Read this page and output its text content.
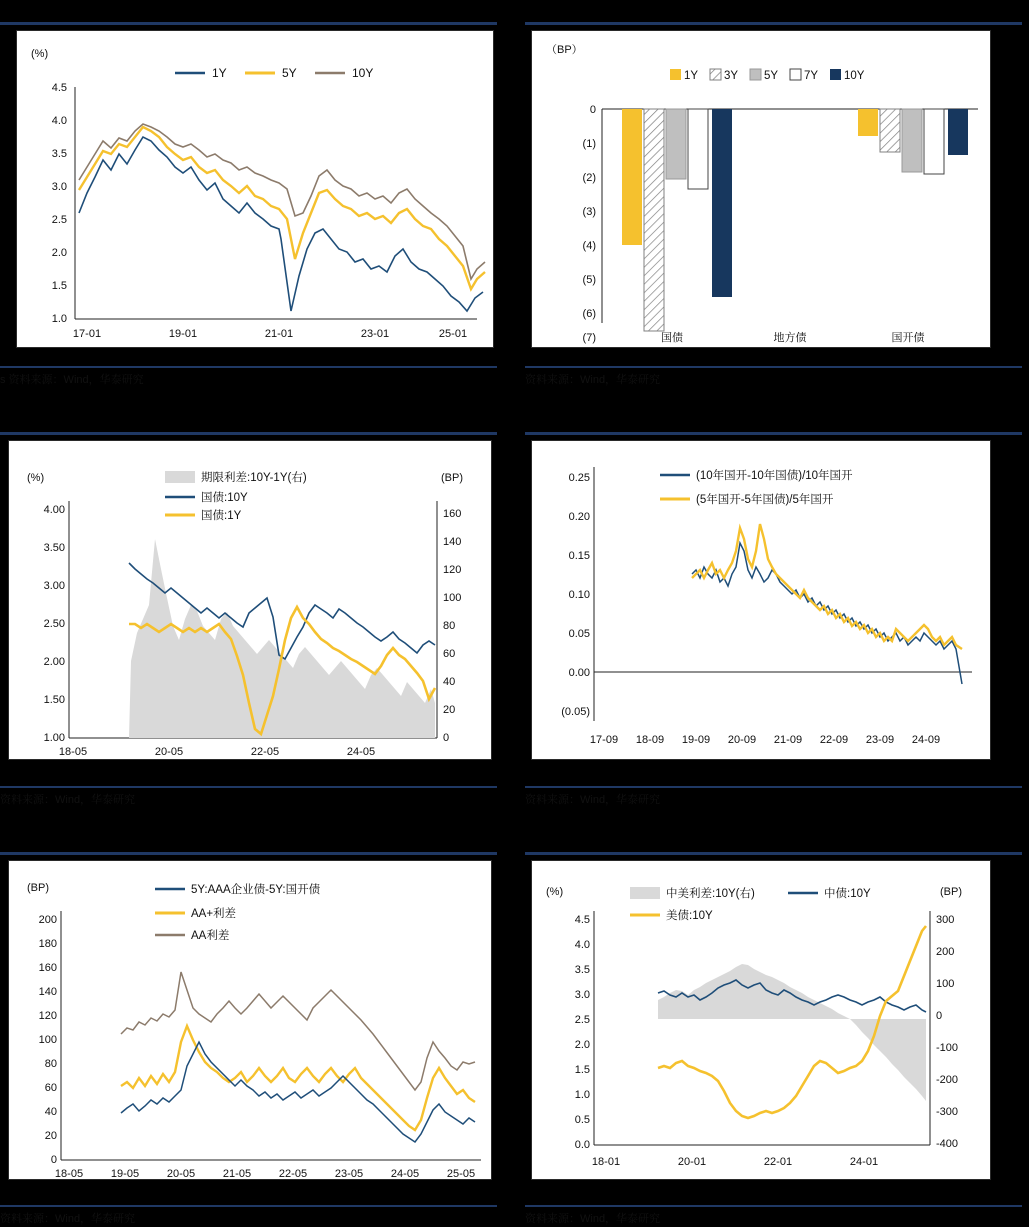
(%)
1.0
1.5
2.0
2.5
3.0
3.5
4.0
4.5
17-01	19-01	21-01	23-01	25-01
1Y	5Y	10Y
s 资料来源：Wind，华泰研究
（BP）
0
(1)
(2)
(3)
(4)
(5)
(6)
(7)	国债	地方债	国开债
1Y 3Y 5Y 7Y 10Y
资料来源：Wind，华泰研究
(%)	(BP)
1.00
1.50
2.00
2.50
3.00
3.50
4.00
0
20
40
60
80
100
120
140
160
18-05	20-05	22-05	24-05
期限利差:10Y-1Y(右)
国债:10Y
国债:1Y
资料来源：Wind，华泰研究
0.25
0.20
0.15
0.10
0.05
0.00
(0.05)
17-09 18-09 19-09 20-09 21-09 22-09 23-09 24-09
(10年国开-10年国债)/10年国开
(5年国开-5年国债)/5年国开
资料来源：Wind，华泰研究
(BP)
200
180
160
140
120
100
80
60
40
20
0
18-05	19-05	20-05	21-05	22-05	23-05	24-05	25-05
5Y:AAA企业债-5Y:国开债
AA+利差
AA利差
资料来源：Wind，华泰研究
(%)	(BP)
4.5
4.0
3.5
3.0
2.5
2.0
1.5
1.0
0.5
0.0
300
200
100
0
-100
-200
-300
-400
18-01	20-01	22-01	24-01
中美利差:10Y(右)	中债:10Y
美债:10Y
资料来源：Wind，华泰研究
